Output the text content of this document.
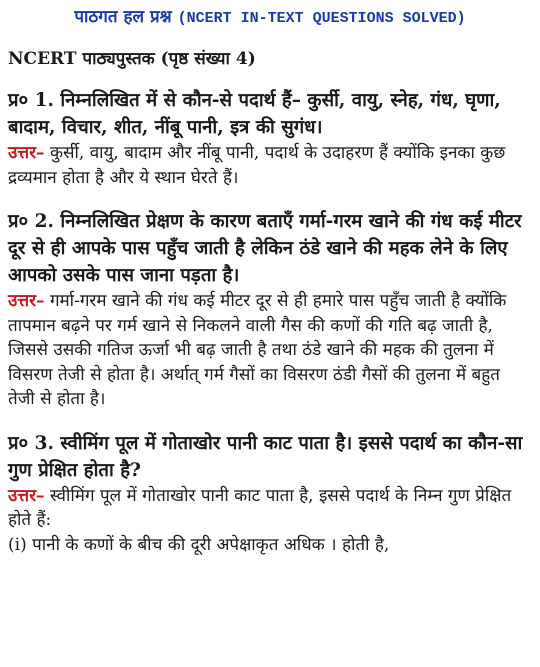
पाठगत हल प्रश्न (NCERT IN-TEXT QUESTIONS SOLVED)
NCERT पाठ्यपुस्तक (पृष्ठ संख्या 4)
प्र० 1. निम्नलिखित में से कौन-से पदार्थ हैं– कुर्सी, वायु, स्नेह, गंध, घृणा, बादाम, विचार, शीत, नींबू पानी, इत्र की सुगंध।
उत्तर– कुर्सी, वायु, बादाम और नींबू पानी, पदार्थ के उदाहरण हैं क्योंकि इनका कुछ द्रव्यमान होता है और ये स्थान घेरते हैं।
प्र० 2. निम्नलिखित प्रेक्षण के कारण बताएँ गर्मा-गरम खाने की गंध कई मीटर दूर से ही आपके पास पहुँच जाती है लेकिन ठंडे खाने की महक लेने के लिए आपको उसके पास जाना पड़ता है।
उत्तर– गर्मा-गरम खाने की गंध कई मीटर दूर से ही हमारे पास पहुँच जाती है क्योंकि तापमान बढ़ने पर गर्म खाने से निकलने वाली गैस की कणों की गति बढ़ जाती है, जिससे उसकी गतिज ऊर्जा भी बढ़ जाती है तथा ठंडे खाने की महक की तुलना में विसरण तेजी से होता है। अर्थात् गर्म गैसों का विसरण ठंडी गैसों की तुलना में बहुत तेजी से होता है।
प्र० 3. स्वीमिंग पूल में गोताखोर पानी काट पाता है। इससे पदार्थ का कौन-सा गुण प्रेक्षित होता है?
उत्तर– स्वीमिंग पूल में गोताखोर पानी काट पाता है, इससे पदार्थ के निम्न गुण प्रेक्षित होते हैं:
(i) पानी के कणों के बीच की दूरी अपेक्षाकृत अधिक । होती है,
